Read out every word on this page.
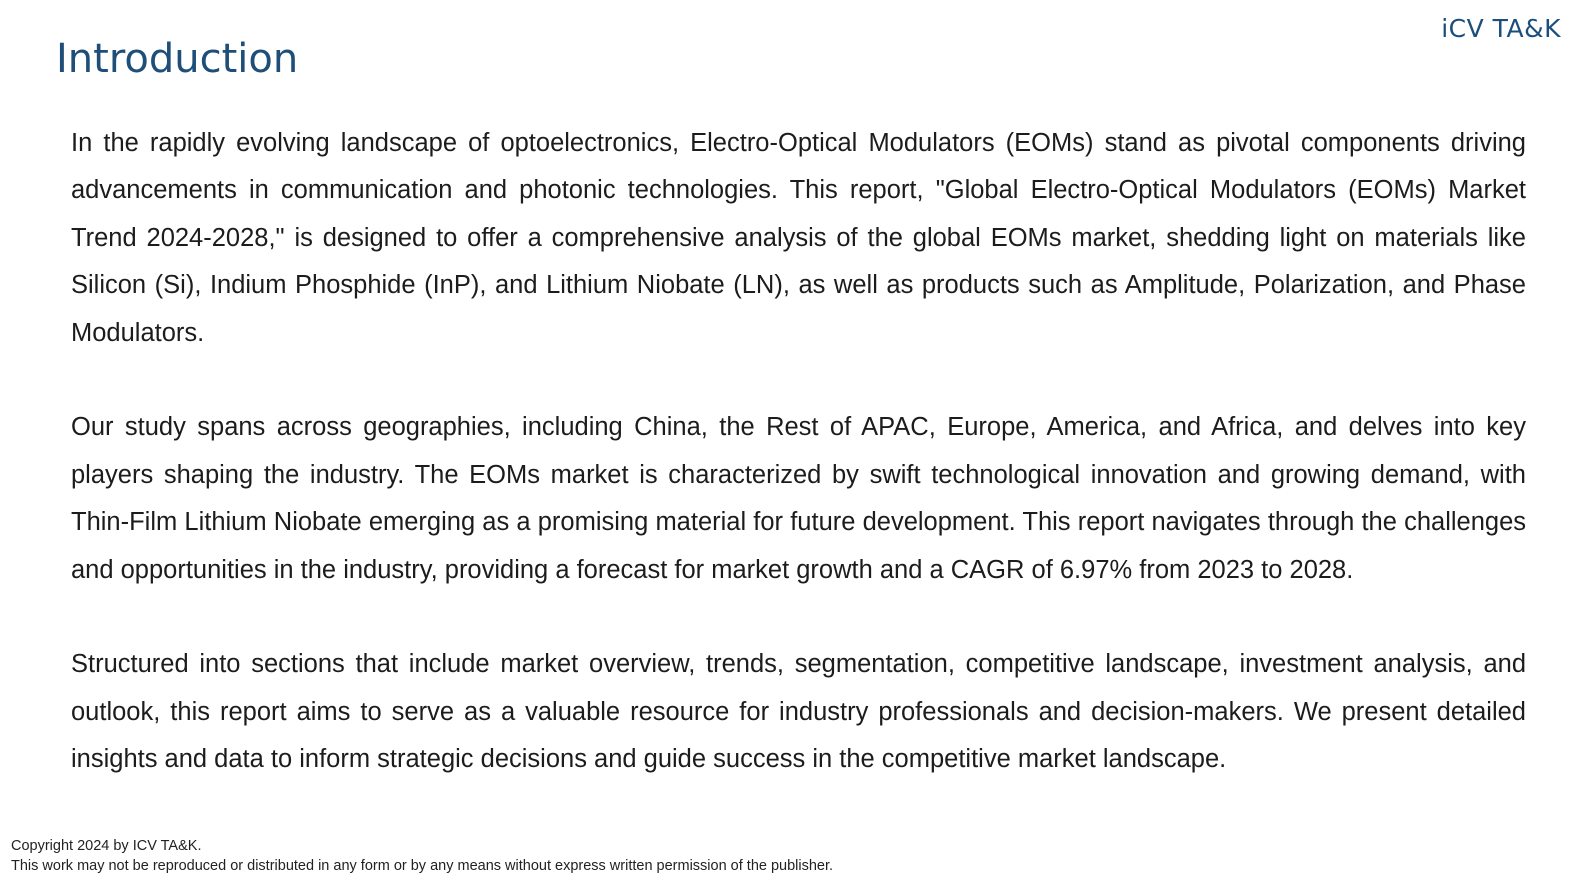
iCV TA&K
Introduction

In the rapidly evolving landscape of optoelectronics, Electro-Optical Modulators (EOMs) stand as pivotal components driving advancements in communication and photonic technologies. This report, "Global Electro-Optical Modulators (EOMs) Market Trend 2024-2028," is designed to offer a comprehensive analysis of the global EOMs market, shedding light on materials like Silicon (Si), Indium Phosphide (InP), and Lithium Niobate (LN), as well as products such as Amplitude, Polarization, and Phase Modulators.

Our study spans across geographies, including China, the Rest of APAC, Europe, America, and Africa, and delves into key players shaping the industry. The EOMs market is characterized by swift technological innovation and growing demand, with Thin-Film Lithium Niobate emerging as a promising material for future development. This report navigates through the challenges and opportunities in the industry, providing a forecast for market growth and a CAGR of 6.97% from 2023 to 2028.

Structured into sections that include market overview, trends, segmentation, competitive landscape, investment analysis, and outlook, this report aims to serve as a valuable resource for industry professionals and decision-makers. We present detailed insights and data to inform strategic decisions and guide success in the competitive market landscape.

Copyright 2024 by ICV TA&K.
This work may not be reproduced or distributed in any form or by any means without express written permission of the publisher.
